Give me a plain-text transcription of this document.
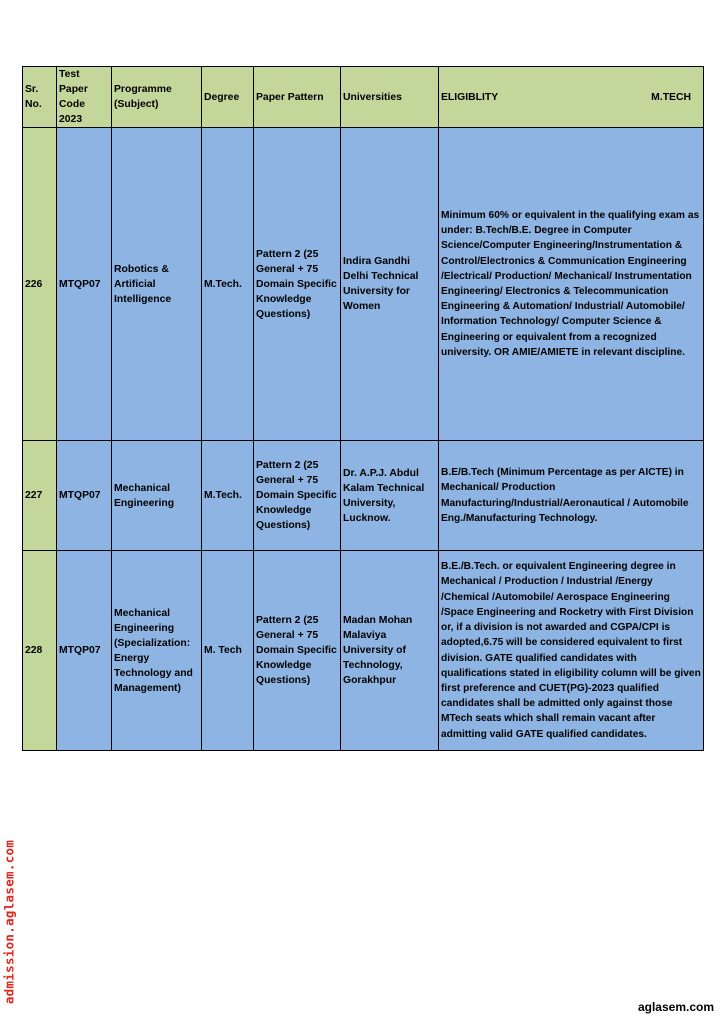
Sr. No.	Test Paper Code 2023	Programme (Subject)	Degree	Paper Pattern	Universities	ELIGIBLITY M.TECH

226	MTQP07	Robotics & Artificial Intelligence	M.Tech.	Pattern 2 (25 General + 75 Domain Specific Knowledge Questions)	Indira Gandhi Delhi Technical University for Women	Minimum 60% or equivalent in the qualifying exam as under: B.Tech/B.E. Degree in Computer Science/Computer Engineering/Instrumentation & Control/Electronics & Communication Engineering /Electrical/ Production/ Mechanical/ Instrumentation Engineering/ Electronics & Telecommunication Engineering & Automation/ Industrial/ Automobile/ Information Technology/ Computer Science & Engineering or equivalent from a recognized university. OR AMIE/AMIETE in relevant discipline.
227	MTQP07	Mechanical Engineering	M.Tech.	Pattern 2 (25 General + 75 Domain Specific Knowledge Questions)	Dr. A.P.J. Abdul Kalam Technical University, Lucknow.	B.E/B.Tech (Minimum Percentage as per AICTE) in Mechanical/ Production Manufacturing/Industrial/Aeronautical / Automobile Eng./Manufacturing Technology.
228	MTQP07	Mechanical Engineering (Specialization: Energy Technology and Management)	M. Tech	Pattern 2 (25 General + 75 Domain Specific Knowledge Questions)	Madan Mohan Malaviya University of Technology, Gorakhpur	B.E./B.Tech. or equivalent Engineering degree in Mechanical / Production / Industrial /Energy /Chemical /Automobile/ Aerospace Engineering /Space Engineering and Rocketry with First Division or, if a division is not awarded and CGPA/CPI is adopted,6.75 will be considered equivalent to first division. GATE qualified candidates with qualifications stated in eligibility column will be given first preference and CUET(PG)-2023 qualified candidates shall be admitted only against those MTech seats which shall remain vacant after admitting valid GATE qualified candidates.
admission.aglasem.com
aglasem.com
